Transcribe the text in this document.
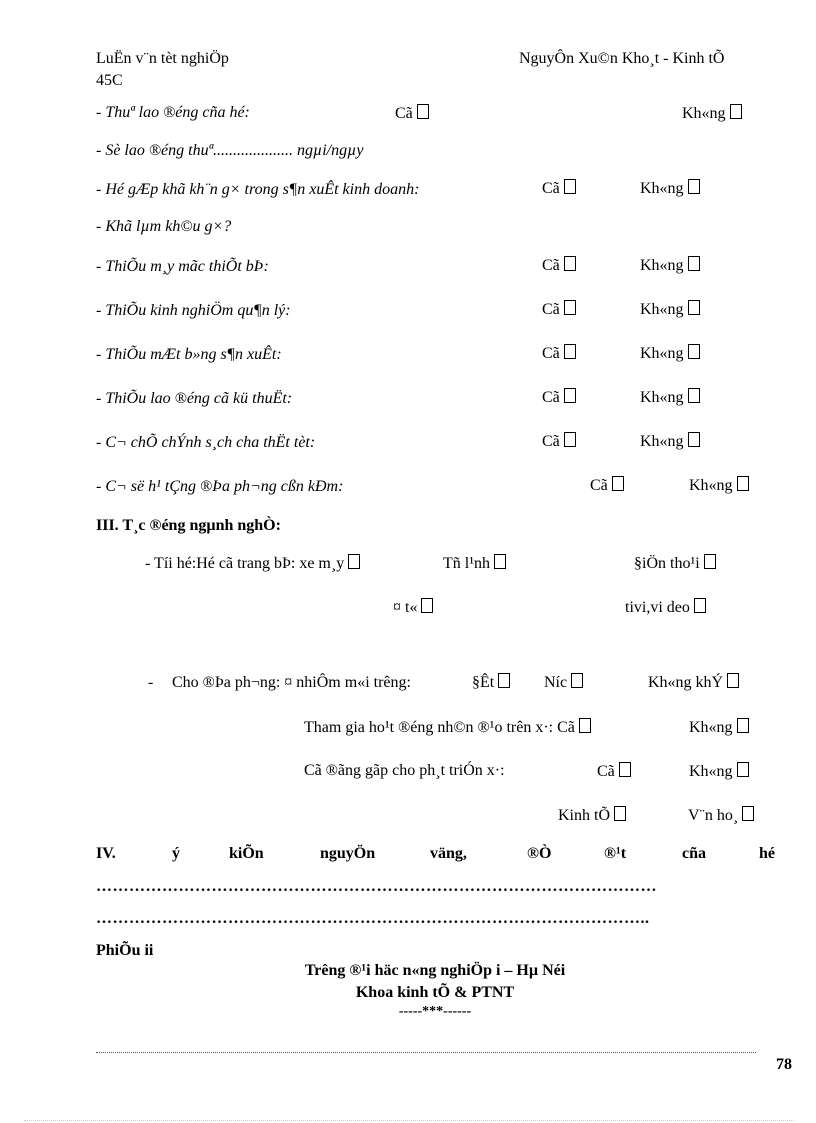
LuËn v¨n tèt nghiÖp
45C
NguyÔn Xu©n Kho¸t - Kinh tÕ
- Thuª lao ®éng cña hé:	Cã	Kh«ng
- Sè lao ®éng thuª.................... ngµi/ngµy
- Hé gÆp khã kh¨n g× trong s¶n xuÊt kinh doanh:	Cã	Kh«ng
- Khã lµm kh©u g×?
- ThiÕu m¸y mãc thiÕt bÞ:	Cã	Kh«ng
- ThiÕu kinh nghiÖm qu¶n lý:	Cã	Kh«ng
- ThiÕu mÆt b»ng s¶n xuÊt:	Cã	Kh«ng
- ThiÕu lao ®éng cã kü thuËt:	Cã	Kh«ng
- C¬ chÕ chÝnh s¸ch cha thËt tèt:	Cã	Kh«ng
- C¬ së h¹ tÇng ®Þa ph¬ng cßn kÐm:	Cã	Kh«ng
III. T¸c ®éng ngµnh nghÒ:
- Tíi hé:Hé cã trang bÞ: xe m¸y	Tñ l¹nh	§iÖn tho¹i
¤ t«	tivi,vi deo
- Cho ®Þa ph¬ng: ¤ nhiÔm m«i trêng:	§Êt	Níc	Kh«ng khÝ
Tham gia ho¹t ®éng nh©n ®¹o trên x·: Cã	Kh«ng
Cã ®ãng gãp cho ph¸t triÓn x·:	Cã	Kh«ng
Kinh tÕ	V¨n ho¸
IV.	ý	kiÕn	nguyÖn	väng,	®Ò	®¹t	cña	hé
…………………………………………………………………………………………
………………………………………………………………………………………..
PhiÕu ii
Trêng ®¹i häc n«ng nghiÖp i – Hµ Néi
Khoa kinh tÕ & PTNT
-----***------
78
